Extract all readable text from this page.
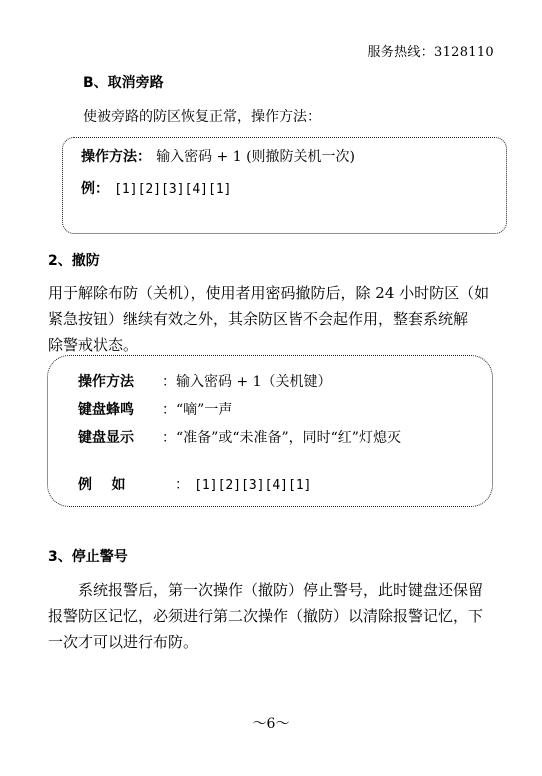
服务热线：3128110
B、取消旁路
使被旁路的防区恢复正常，操作方法：
操作方法： 输入密码 + 1 (则撤防关机一次)
例： [1][2][3][4][1]
2、撤防
用于解除布防（关机），使用者用密码撤防后，除 24 小时防区（如
紧急按钮）继续有效之外，其余防区皆不会起作用，整套系统解
除警戒状态。
操作方法 ：输入密码 + 1（关机键）
键盘蜂鸣 ：“嘀”一声
键盘显示 ：“准备”或“未准备”，同时“红”灯熄灭
例    如	： [1][2][3][4][1]
3、停止警号
系统报警后，第一次操作（撤防）停止警号，此时键盘还保留
报警防区记忆，必须进行第二次操作（撤防）以清除报警记忆，下
一次才可以进行布防。
～6～
